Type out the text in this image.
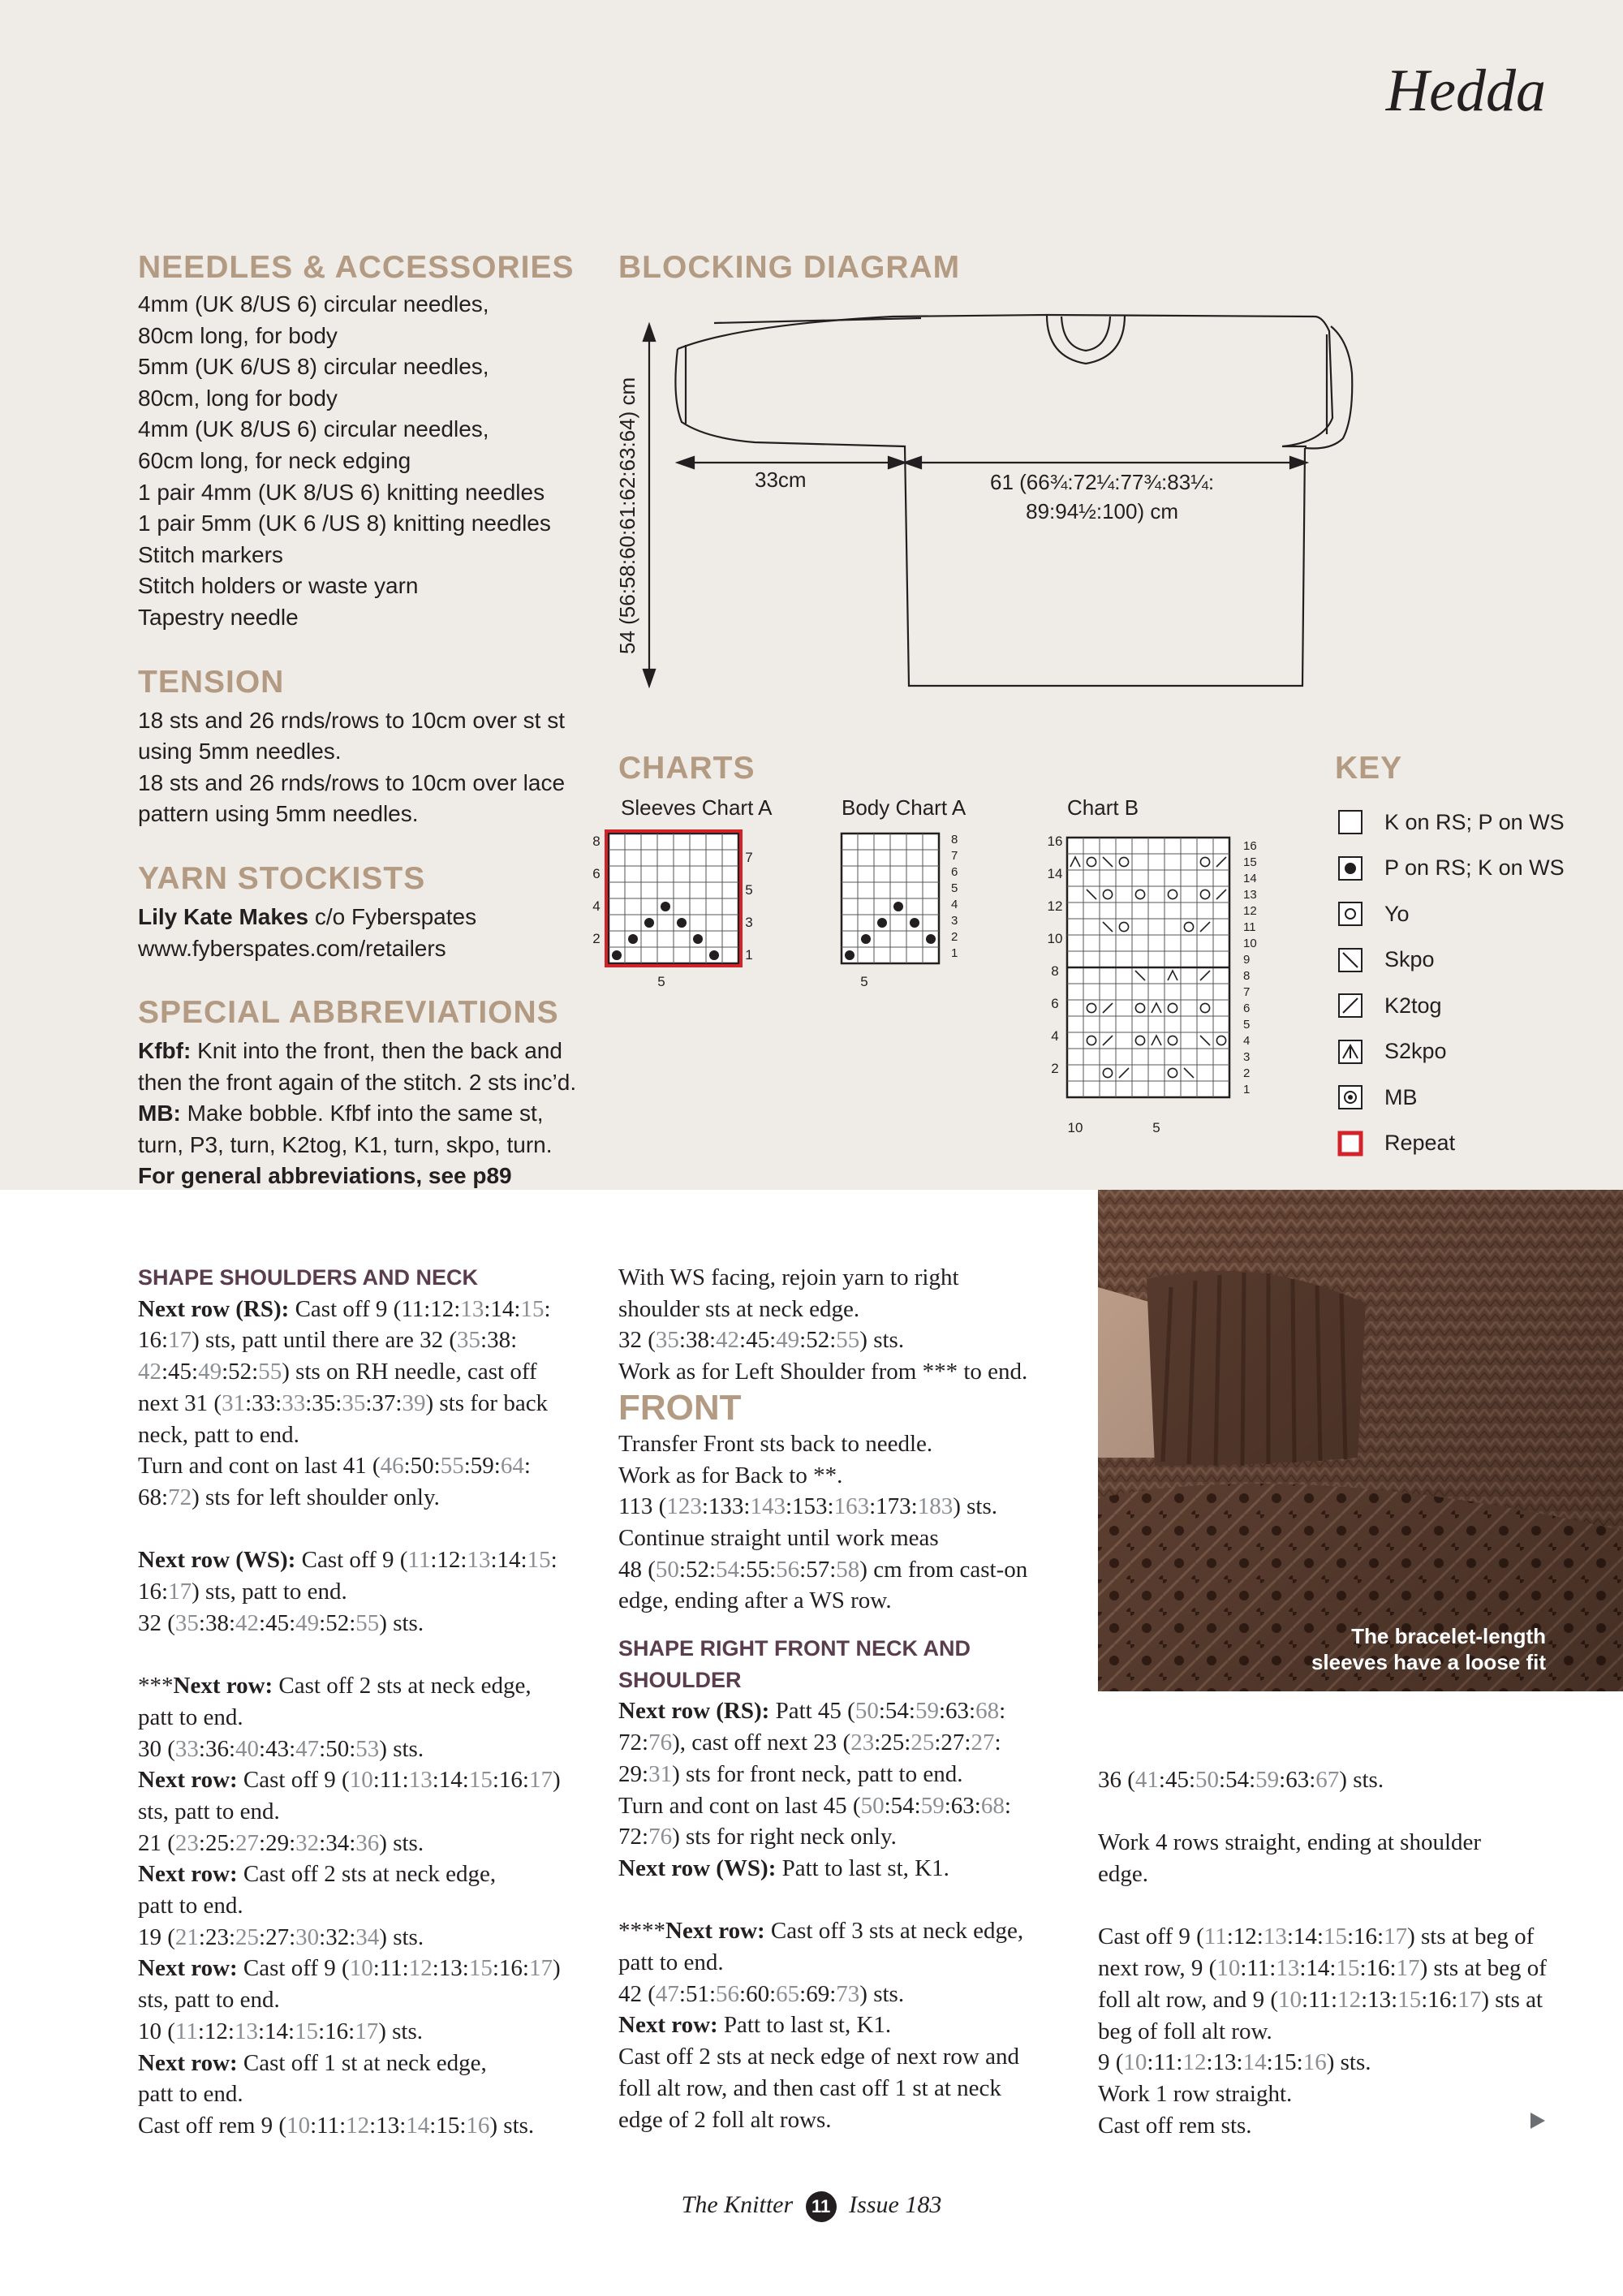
Hedda
NEEDLES & ACCESSORIES
4mm (UK 8/US 6) circular needles,
80cm long, for body
5mm (UK 6/US 8) circular needles,
80cm, long for body
4mm (UK 8/US 6) circular needles,
60cm long, for neck edging
1 pair 4mm (UK 8/US 6) knitting needles
1 pair 5mm (UK 6 /US 8) knitting needles
Stitch markers
Stitch holders or waste yarn
Tapestry needle
TENSION
18 sts and 26 rnds/rows to 10cm over st st
using 5mm needles.
18 sts and 26 rnds/rows to 10cm over lace
pattern using 5mm needles.
YARN STOCKISTS
Lily Kate Makes c/o Fyberspates
www.fyberspates.com/retailers
SPECIAL ABBREVIATIONS
Kfbf: Knit into the front, then the back and then the front again of the stitch. 2 sts inc’d.
MB: Make bobble. Kfbf into the same st, turn, P3, turn, K2tog, K1, turn, skpo, turn.
For general abbreviations, see p89
BLOCKING DIAGRAM
54 (56:58:60:61:62:63:64) cm	33cm	61 (66¾:72¼:77¾:83¼:
89:94½:100) cm
CHARTS
Sleeves Chart A	Body Chart A	Chart B
8
6
4
2
7
5
3
1
5
8
7
6
5
4
3
2
1
5
16
14
12
10
8
6
4
2
16
15
14
13
12
11
10
9
8
7
6
5
4
3
2
1
10	5
KEY
K on RS; P on WS
P on RS; K on WS
Yo
Skpo
K2tog
S2kpo
MB
Repeat
The bracelet-length
sleeves have a loose fit

SHAPE SHOULDERS AND NECK

Next row (RS): Cast off 9 (11:12:13:14:15:
16:17) sts, patt until there are 32 (35:38:
42:45:49:52:55) sts on RH needle, cast off
next 31 (31:33:33:35:35:37:39) sts for back
neck, patt to end.
Turn and cont on last 41 (46:50:55:59:64:
68:72) sts for left shoulder only.

Next row (WS): Cast off 9 (11:12:13:14:15:
16:17) sts, patt to end.
32 (35:38:42:45:49:52:55) sts.

***Next row: Cast off 2 sts at neck edge,
patt to end.
30 (33:36:40:43:47:50:53) sts.
Next row: Cast off 9 (10:11:13:14:15:16:17)
sts, patt to end.
21 (23:25:27:29:32:34:36) sts.
Next row: Cast off 2 sts at neck edge,
patt to end.
19 (21:23:25:27:30:32:34) sts.
Next row: Cast off 9 (10:11:12:13:15:16:17)
sts, patt to end.
10 (11:12:13:14:15:16:17) sts.
Next row: Cast off 1 st at neck edge,
patt to end.
Cast off rem 9 (10:11:12:13:14:15:16) sts.

With WS facing, rejoin yarn to right
shoulder sts at neck edge.
32 (35:38:42:45:49:52:55) sts.
Work as for Left Shoulder from *** to end.

FRONT

Transfer Front sts back to needle.
Work as for Back to **.
113 (123:133:143:153:163:173:183) sts.
Continue straight until work meas
48 (50:52:54:55:56:57:58) cm from cast-on
edge, ending after a WS row.

SHAPE RIGHT FRONT NECK AND SHOULDER

Next row (RS): Patt 45 (50:54:59:63:68:
72:76), cast off next 23 (23:25:25:27:27:
29:31) sts for front neck, patt to end.
Turn and cont on last 45 (50:54:59:63:68:
72:76) sts for right neck only.
Next row (WS): Patt to last st, K1.

****Next row: Cast off 3 sts at neck edge,
patt to end.
42 (47:51:56:60:65:69:73) sts.
Next row: Patt to last st, K1.
Cast off 2 sts at neck edge of next row and
foll alt row, and then cast off 1 st at neck
edge of 2 foll alt rows.

36 (41:45:50:54:59:63:67) sts.

Work 4 rows straight, ending at shoulder
edge.

Cast off 9 (11:12:13:14:15:16:17) sts at beg of
next row, 9 (10:11:13:14:15:16:17) sts at beg of
foll alt row, and 9 (10:11:12:13:15:16:17) sts at
beg of foll alt row.
9 (10:11:12:13:14:15:16) sts.
Work 1 row straight.
Cast off rem sts.

The Knitter 11 Issue 183
